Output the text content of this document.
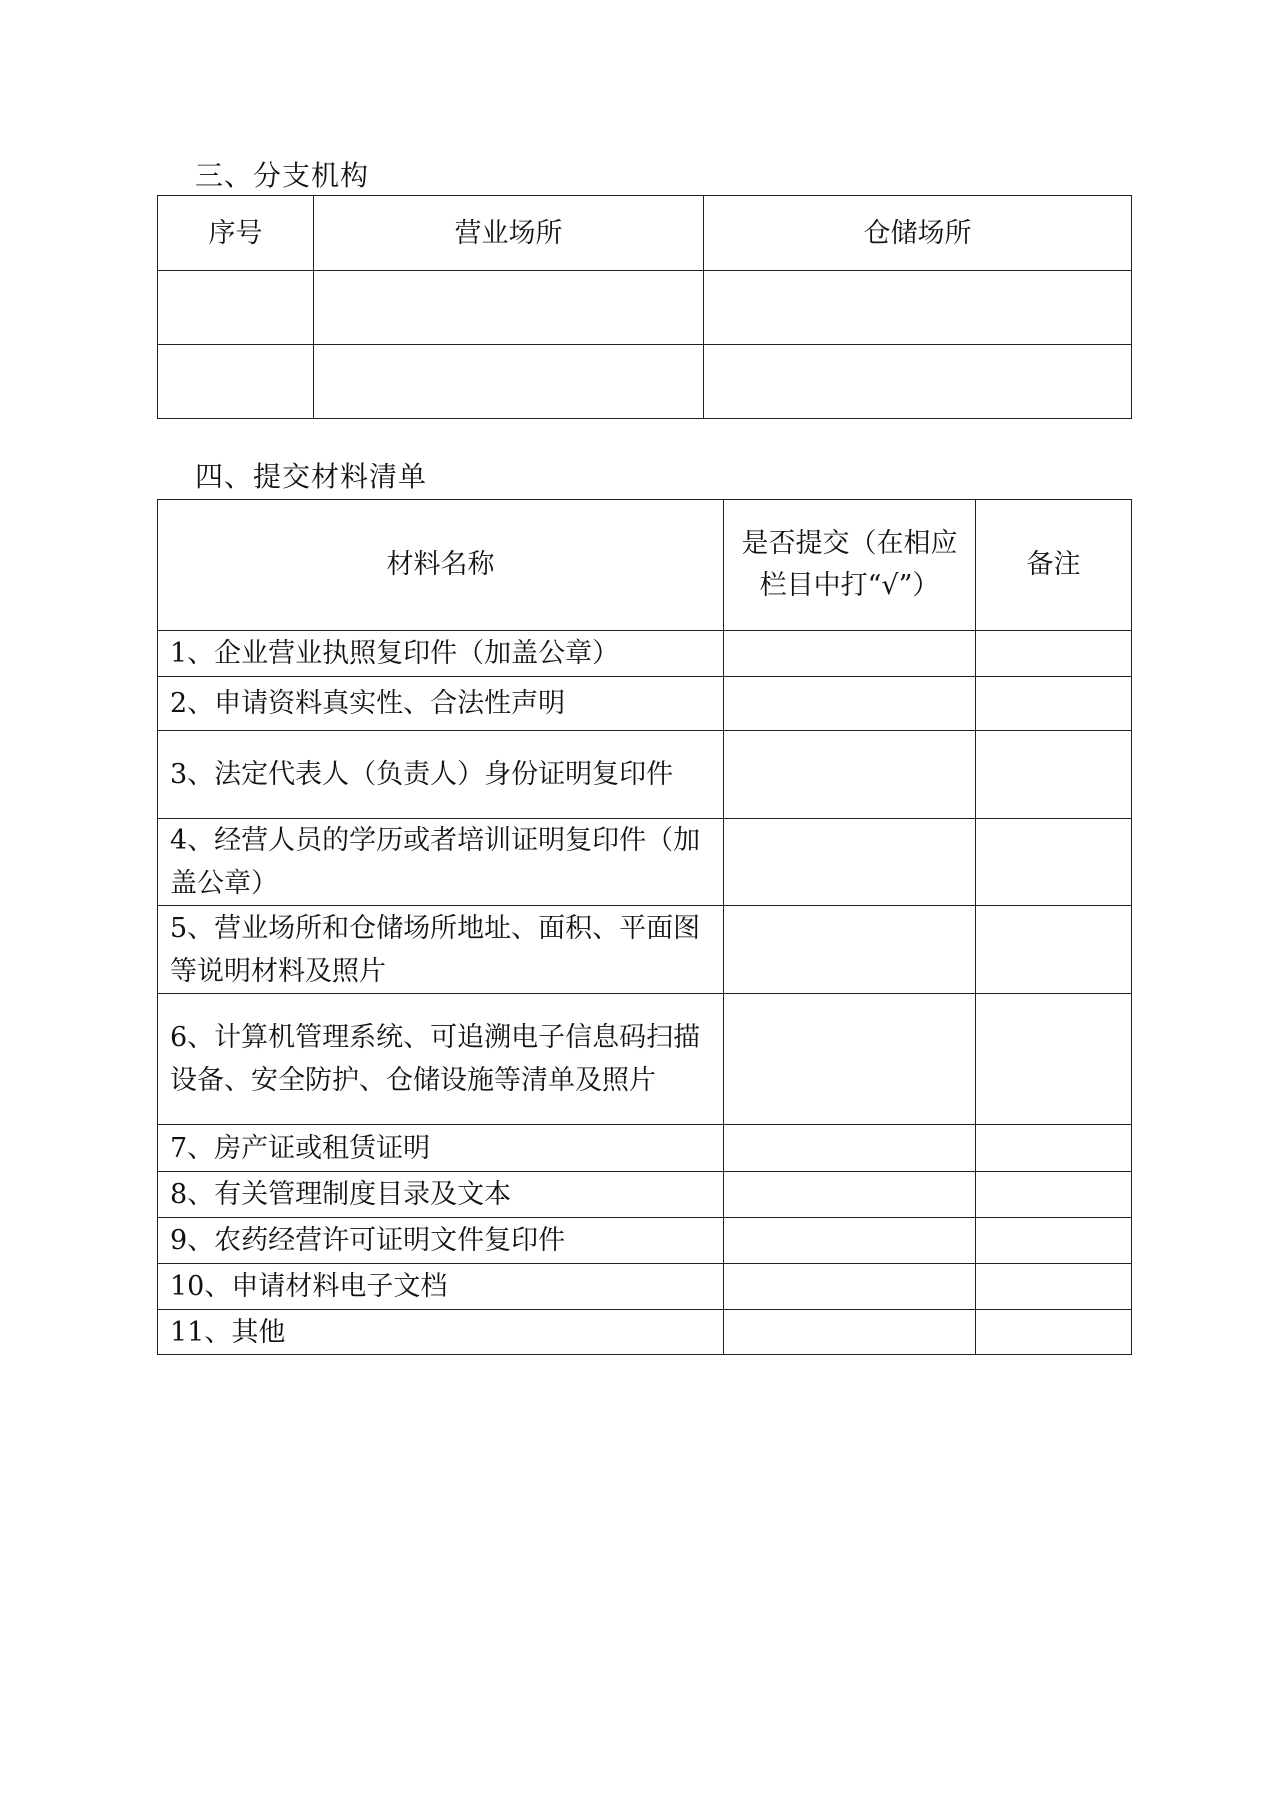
三、分支机构
序号	营业场所	仓储场所

四、提交材料清单
材料名称	是否提交（在相应栏目中打“√”）	备注
1、企业营业执照复印件（加盖公章）		
2、申请资料真实性、合法性声明		
3、法定代表人（负责人）身份证明复印件		
4、经营人员的学历或者培训证明复印件（加盖公章）		
5、营业场所和仓储场所地址、面积、平面图等说明材料及照片		
6、计算机管理系统、可追溯电子信息码扫描设备、安全防护、仓储设施等清单及照片		
7、房产证或租赁证明		
8、有关管理制度目录及文本		
9、农药经营许可证明文件复印件		
10、申请材料电子文档		
11、其他		
